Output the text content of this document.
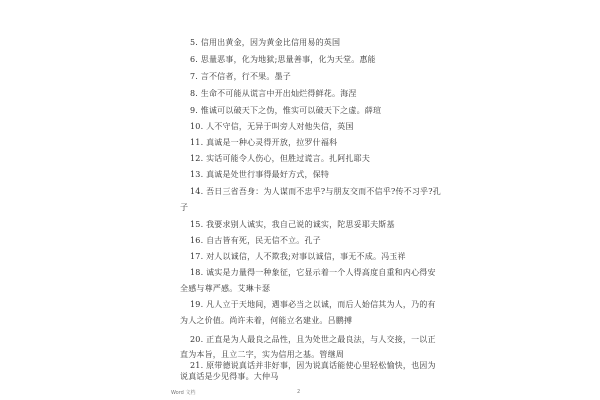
5. 信用出黄金，因为黄金比信用易的英国
6. 思量恶事，化为地狱;思量善事，化为天堂。惠能
7. 言不信者，行不果。墨子
8. 生命不可能从谎言中开出灿烂得鲜花。海涅
9. 惟诚可以破天下之伪，惟实可以破天下之虚。薛瑄
10. 人不守信，无异于叫旁人对他失信，英国
11. 真诚是一种心灵得开放，拉罗什福科
12. 实话可能令人伤心，但胜过谎言。扎阿扎耶夫
13. 真诚是处世行事得最好方式，保特
14. 吾日三省吾身：为人谋而不忠乎?与朋友交而不信乎?传不习乎?孔
子
15. 我要求别人诚实，我自己说的诚实，陀思妥耶夫斯基
16. 自古皆有死，民无信不立。孔子
17. 对人以诚信，人不欺我;对事以诚信，事无不成。冯玉祥
18. 诚实是力量得一种象征，它显示着一个人得高度自重和内心得安
全感与尊严感。艾琳卡瑟
19. 凡人立于天地间，遇事必当之以诚，而后人始信其为人，乃的有
为人之价值。尚许未着，何能立名建业。吕鹏搏
20. 正直是为人最良之品性，且为处世之最良法，与人交接，一以正
直为本旨，且立二字，实为信用之基。管继周
21. 原带德说真话并非好事，因为说真话能使心里轻松愉快，也因为
说真话是少见得事。大仲马
Word 文档	2
